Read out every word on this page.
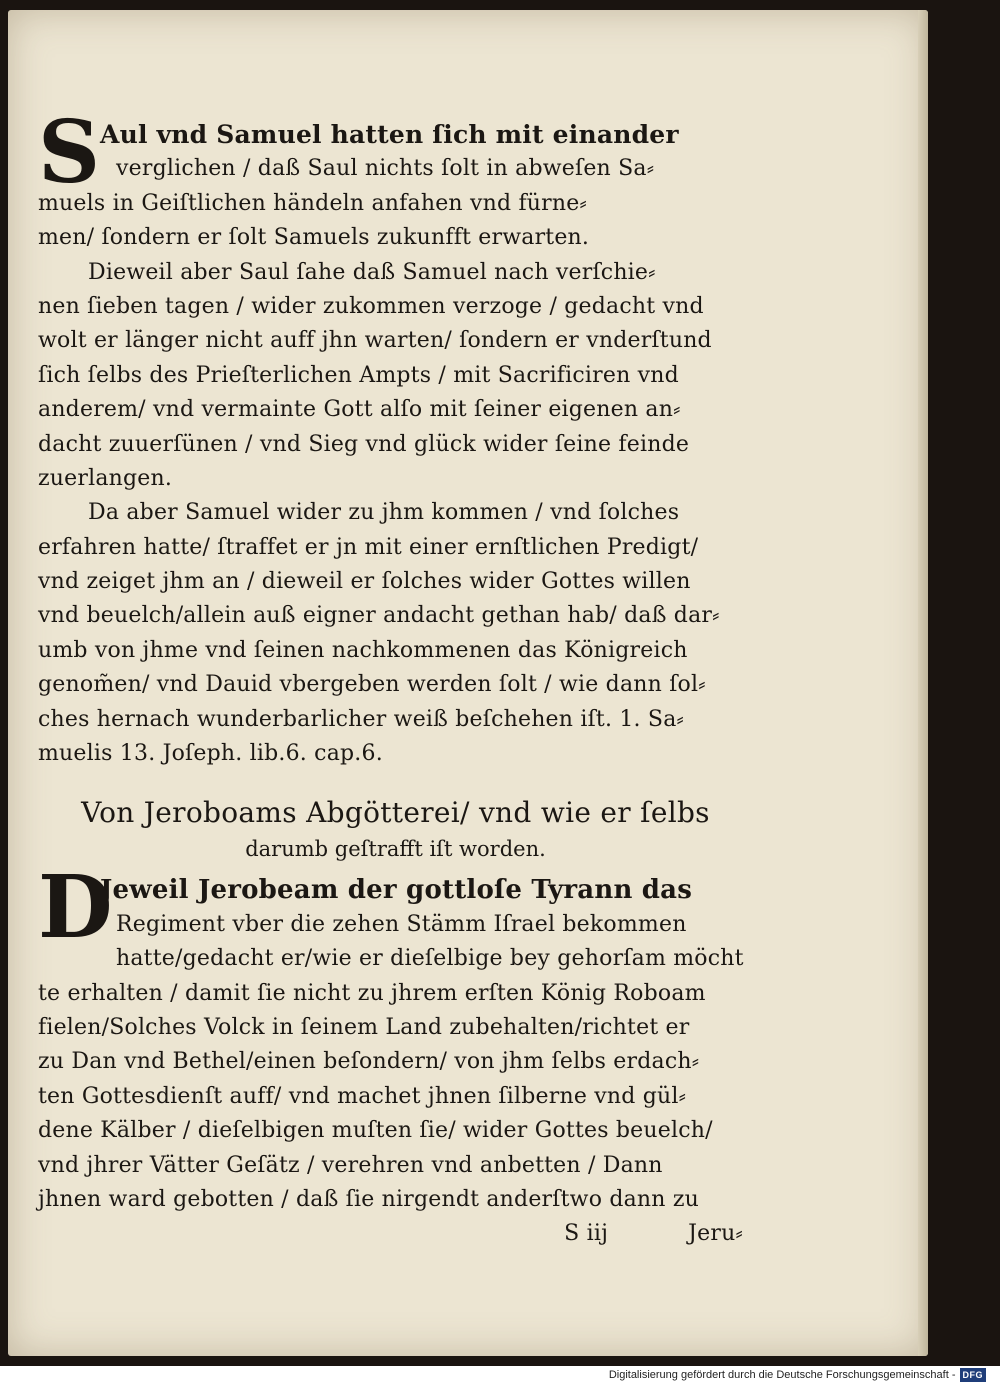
S Aul vnd Samuel hatten ſich mit einander
verglichen / daß Saul nichts ſolt in abweſen Sa⸗
muels in Geiſtlichen händeln anfahen vnd fürne⸗
men/ ſondern er ſolt Samuels zukunfft erwarten.
Dieweil aber Saul ſahe daß Samuel nach verſchie⸗
nen ſieben tagen / wider zukommen verzoge / gedacht vnd
wolt er länger nicht auff jhn warten/ ſondern er vnderſtund
ſich ſelbs des Prieſterlichen Ampts / mit Sacrificiren vnd
anderem/ vnd vermainte Gott alſo mit ſeiner eigenen an⸗
dacht zuuerſünen / vnd Sieg vnd glück wider ſeine feinde
zuerlangen.
Da aber Samuel wider zu jhm kommen / vnd ſolches
erfahren hatte/ ſtraffet er jn mit einer ernſtlichen Predigt/
vnd zeiget jhm an / dieweil er ſolches wider Gottes willen
vnd beuelch/allein auß eigner andacht gethan hab/ daß dar⸗
umb von jhme vnd ſeinen nachkommenen das Königreich
genom̃en/ vnd Dauid vbergeben werden ſolt / wie dann ſol⸗
ches hernach wunderbarlicher weiß beſchehen iſt. 1. Sa⸗
muelis 13. Joſeph. lib.6. cap.6.
Von Jeroboams Abgötterei/ vnd wie er ſelbs
darumb geſtrafft iſt worden.
D
Jeweil Jerobeam der gottloſe Tyrann das
Regiment vber die zehen Stämm Iſrael bekommen
hatte/gedacht er/wie er dieſelbige bey gehorſam möcht
te erhalten / damit ſie nicht zu jhrem erſten König Roboam
fielen/Solches Volck in ſeinem Land zubehalten/richtet er
zu Dan vnd Bethel/einen beſondern/ von jhm ſelbs erdach⸗
ten Gottesdienſt auff/ vnd machet jhnen ſilberne vnd gül⸗
dene Kälber / dieſelbigen muſten ſie/ wider Gottes beuelch/
vnd jhrer Vätter Geſätz / verehren vnd anbetten / Dann
jhnen ward gebotten / daß ſie nirgendt anderſtwo dann zu
S iij	Jeru⸗
Digitalisierung gefördert durch die Deutsche Forschungsgemeinschaft - DFG
